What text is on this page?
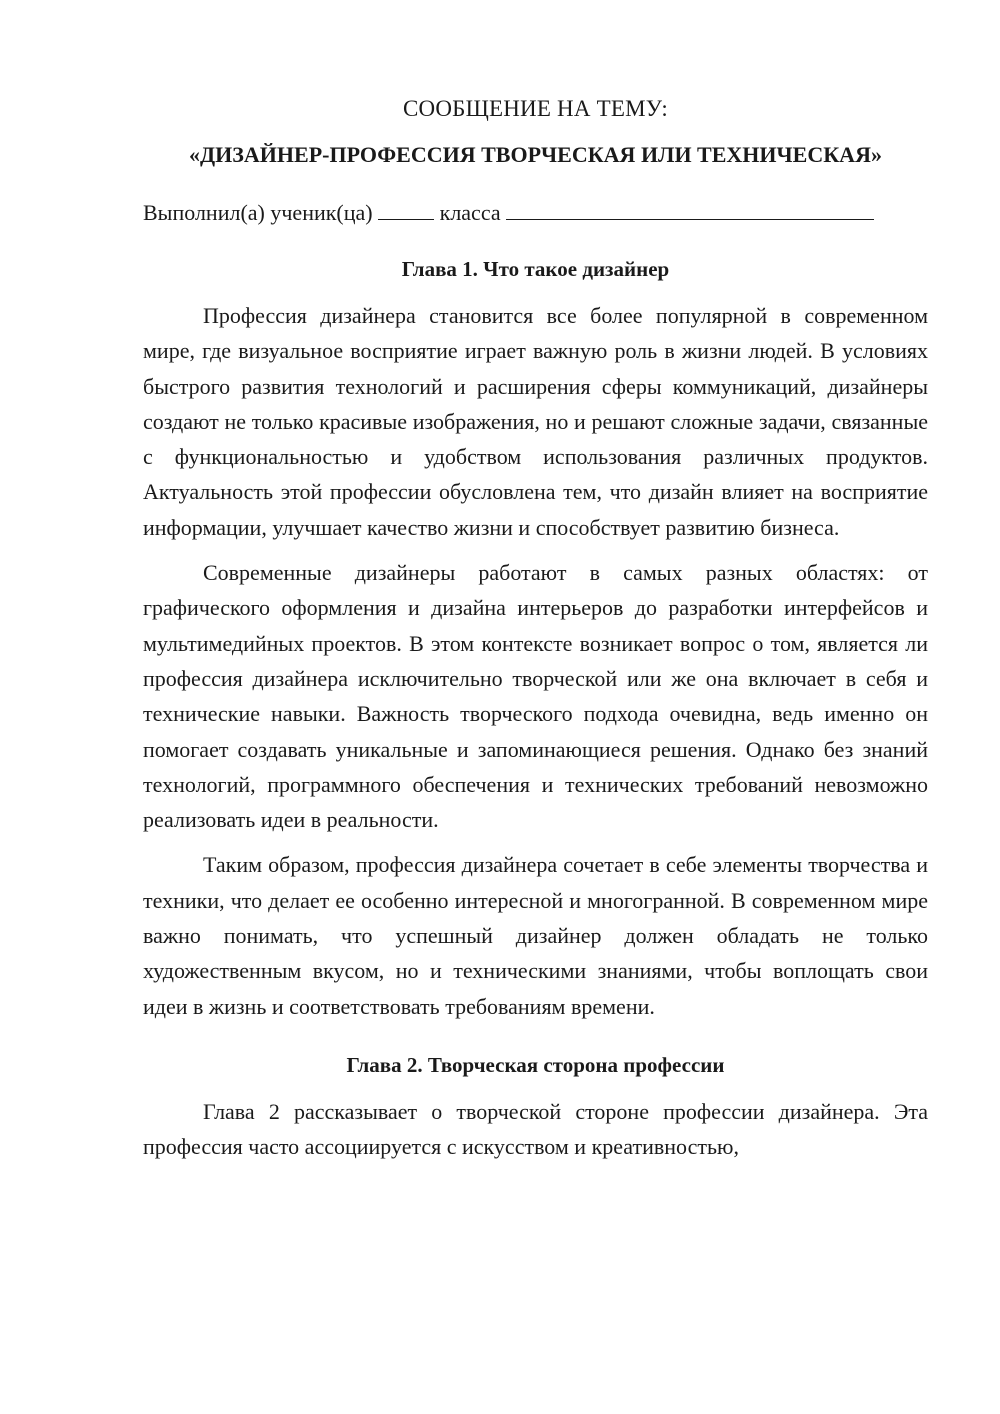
СООБЩЕНИЕ НА ТЕМУ:

«ДИЗАЙНЕР-ПРОФЕССИЯ ТВОРЧЕСКАЯ ИЛИ ТЕХНИЧЕСКАЯ»

Выполнил(а) ученик(ца)	класса

Глава 1. Что такое дизайнер

Профессия дизайнера становится все более популярной в современном мире, где визуальное восприятие играет важную роль в жизни людей. В условиях быстрого развития технологий и расширения сферы коммуникаций, дизайнеры создают не только красивые изображения, но и решают сложные задачи, связанные с функциональностью и удобством использования различных продуктов. Актуальность этой профессии обусловлена тем, что дизайн влияет на восприятие информации, улучшает качество жизни и способствует развитию бизнеса.

Современные дизайнеры работают в самых разных областях: от графического оформления и дизайна интерьеров до разработки интерфейсов и мультимедийных проектов. В этом контексте возникает вопрос о том, является ли профессия дизайнера исключительно творческой или же она включает в себя и технические навыки. Важность творческого подхода очевидна, ведь именно он помогает создавать уникальные и запоминающиеся решения. Однако без знаний технологий, программного обеспечения и технических требований невозможно реализовать идеи в реальности.

Таким образом, профессия дизайнера сочетает в себе элементы творчества и техники, что делает ее особенно интересной и многогранной. В современном мире важно понимать, что успешный дизайнер должен обладать не только художественным вкусом, но и техническими знаниями, чтобы воплощать свои идеи в жизнь и соответствовать требованиям времени.

Глава 2. Творческая сторона профессии

Глава 2 рассказывает о творческой стороне профессии дизайнера. Эта профессия часто ассоциируется с искусством и креативностью,
